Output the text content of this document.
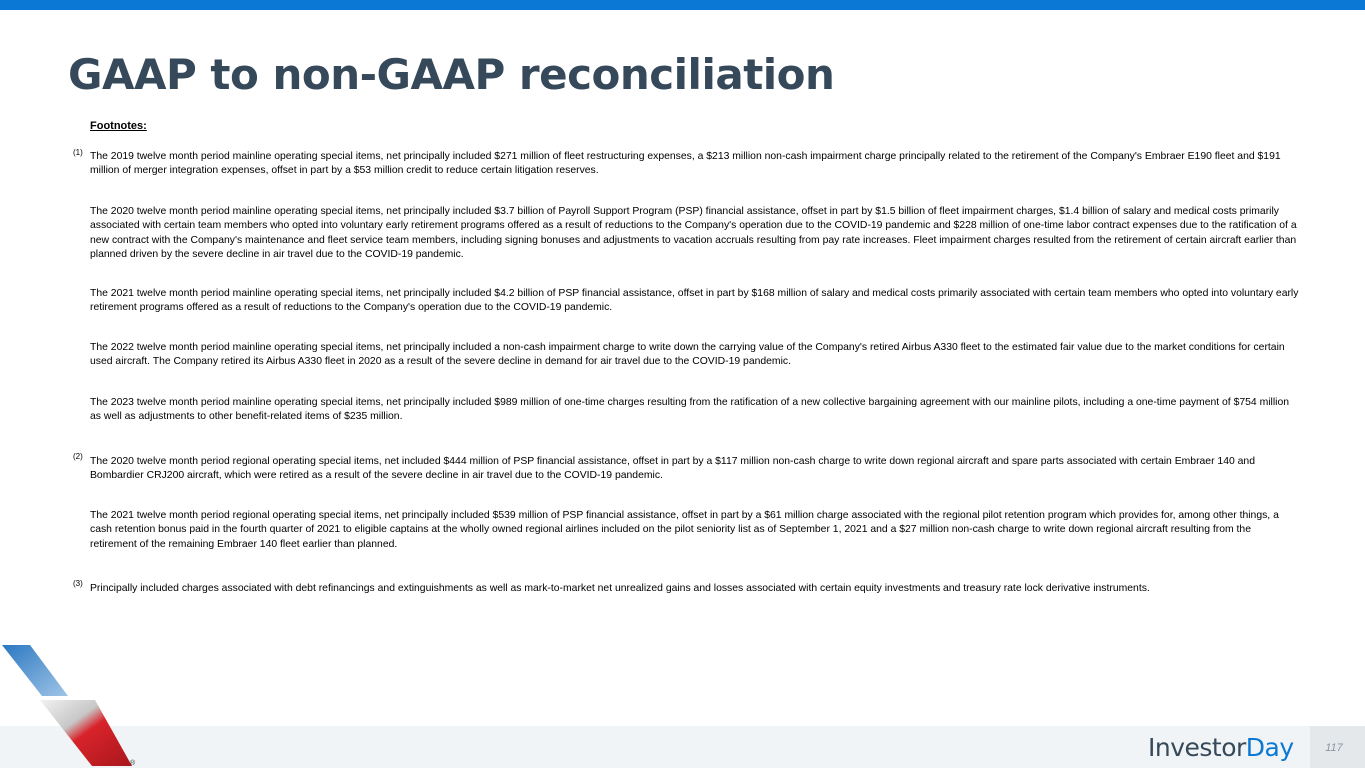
GAAP to non-GAAP reconciliation
Footnotes:
(1) The 2019 twelve month period mainline operating special items, net principally included $271 million of fleet restructuring expenses, a $213 million non-cash impairment charge principally related to the retirement of the Company's Embraer E190 fleet and $191 million of merger integration expenses, offset in part by a $53 million credit to reduce certain litigation reserves.
The 2020 twelve month period mainline operating special items, net principally included $3.7 billion of Payroll Support Program (PSP) financial assistance, offset in part by $1.5 billion of fleet impairment charges, $1.4 billion of salary and medical costs primarily associated with certain team members who opted into voluntary early retirement programs offered as a result of reductions to the Company's operation due to the COVID-19 pandemic and $228 million of one-time labor contract expenses due to the ratification of a new contract with the Company's maintenance and fleet service team members, including signing bonuses and adjustments to vacation accruals resulting from pay rate increases. Fleet impairment charges resulted from the retirement of certain aircraft earlier than planned driven by the severe decline in air travel due to the COVID-19 pandemic.
The 2021 twelve month period mainline operating special items, net principally included $4.2 billion of PSP financial assistance, offset in part by $168 million of salary and medical costs primarily associated with certain team members who opted into voluntary early retirement programs offered as a result of reductions to the Company's operation due to the COVID-19 pandemic.
The 2022 twelve month period mainline operating special items, net principally included a non-cash impairment charge to write down the carrying value of the Company's retired Airbus A330 fleet to the estimated fair value due to the market conditions for certain used aircraft. The Company retired its Airbus A330 fleet in 2020 as a result of the severe decline in demand for air travel due to the COVID-19 pandemic.
The 2023 twelve month period mainline operating special items, net principally included $989 million of one-time charges resulting from the ratification of a new collective bargaining agreement with our mainline pilots, including a one-time payment of $754 million as well as adjustments to other benefit-related items of $235 million.
(2) The 2020 twelve month period regional operating special items, net included $444 million of PSP financial assistance, offset in part by a $117 million non-cash charge to write down regional aircraft and spare parts associated with certain Embraer 140 and Bombardier CRJ200 aircraft, which were retired as a result of the severe decline in air travel due to the COVID-19 pandemic.
The 2021 twelve month period regional operating special items, net principally included $539 million of PSP financial assistance, offset in part by a $61 million charge associated with the regional pilot retention program which provides for, among other things, a cash retention bonus paid in the fourth quarter of 2021 to eligible captains at the wholly owned regional airlines included on the pilot seniority list as of September 1, 2021 and a $27 million non-cash charge to write down regional aircraft resulting from the retirement of the remaining Embraer 140 fleet earlier than planned.
(3) Principally included charges associated with debt refinancings and extinguishments as well as mark-to-market net unrealized gains and losses associated with certain equity investments and treasury rate lock derivative instruments.
®
InvestorDay	117
